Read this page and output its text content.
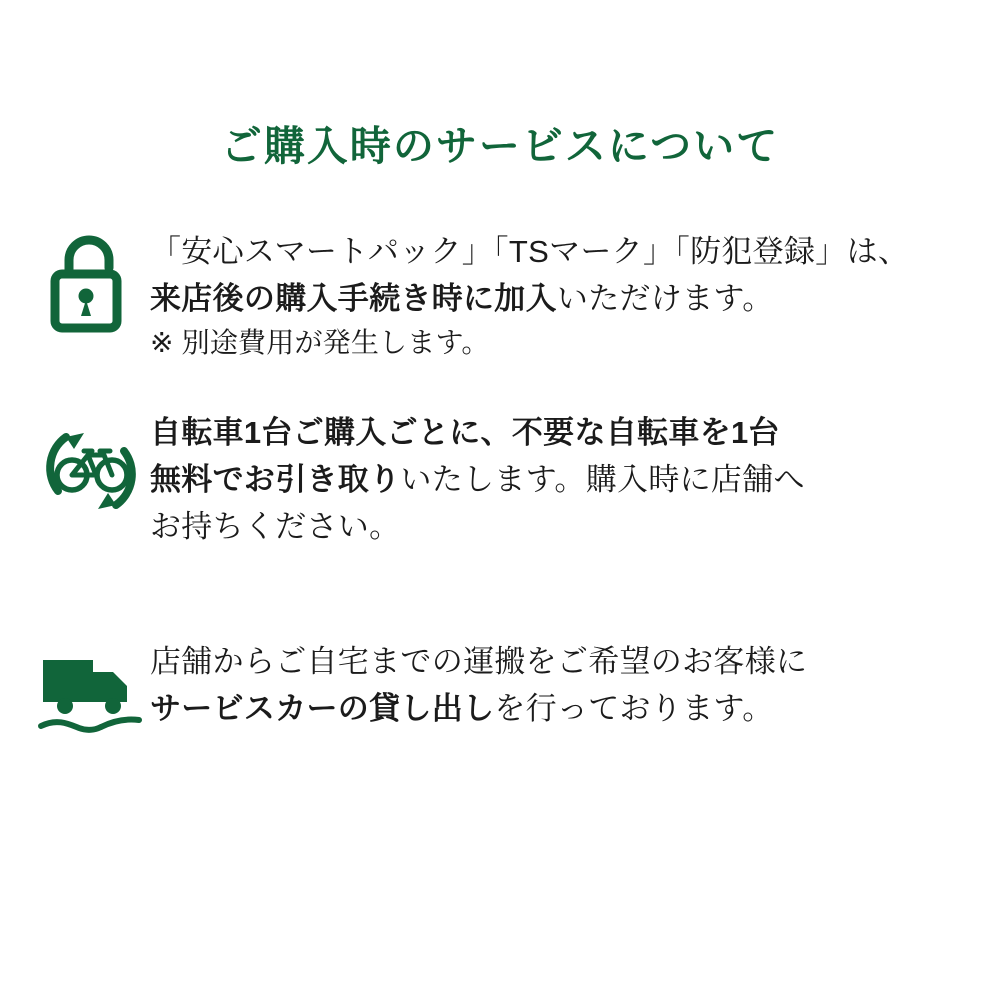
ご購入時のサービスについて
「安心スマートパック」「TSマーク」「防犯登録」は、
来店後の購入手続き時に加入いただけます。
※ 別途費用が発生します。
自転車1台ご購入ごとに、不要な自転車を1台
無料でお引き取りいたします。購入時に店舗へ
お持ちください。
店舗からご自宅までの運搬をご希望のお客様に
サービスカーの貸し出しを行っております。
